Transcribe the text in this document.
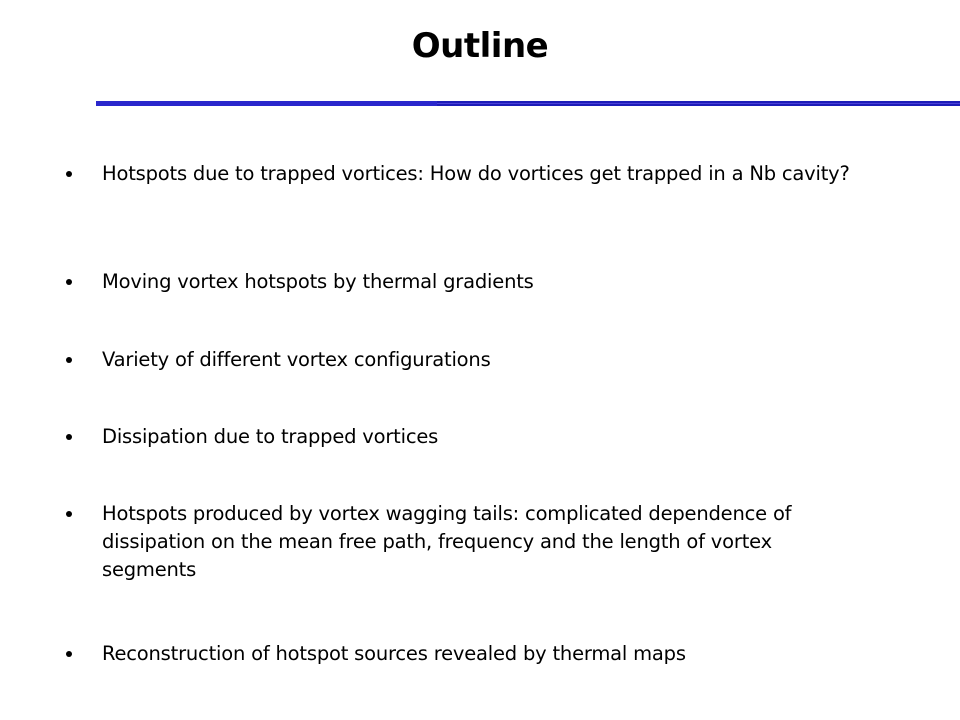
Outline
Hotspots due to trapped vortices: How do vortices get trapped in a Nb cavity?
Moving vortex hotspots by thermal gradients
Variety of different vortex configurations
Dissipation due to trapped vortices
Hotspots produced by vortex wagging tails: complicated dependence of dissipation on the mean free path, frequency and the length of vortex segments
Reconstruction of hotspot sources revealed by thermal maps
